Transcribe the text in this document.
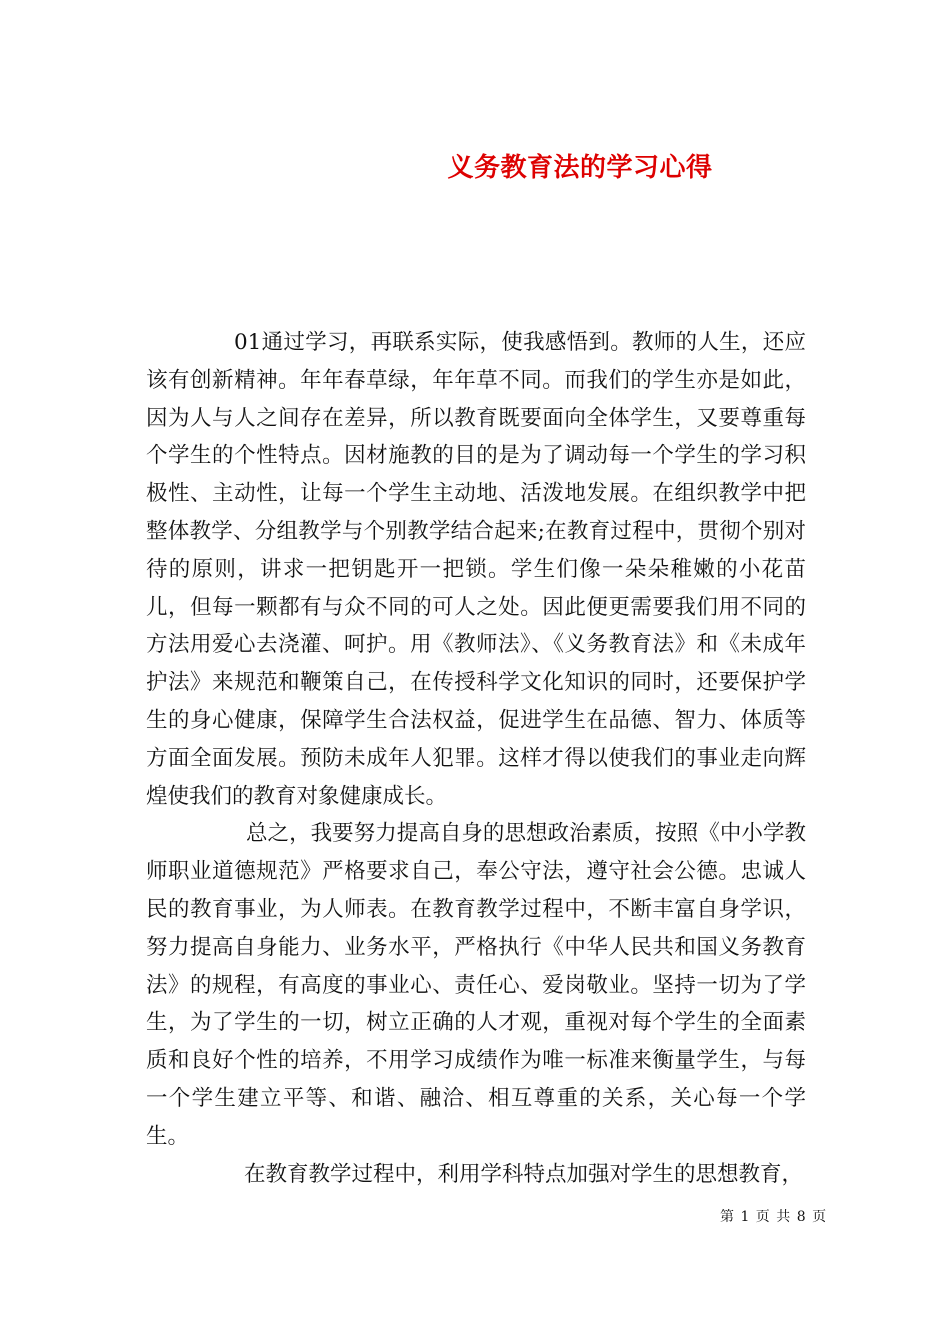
义务教育法的学习心得

01通过学习，再联系实际，使我感悟到。教师的人生，还应该有创新精神。年年春草绿，年年草不同。而我们的学生亦是如此，因为人与人之间存在差异，所以教育既要面向全体学生，又要尊重每个学生的个性特点。因材施教的目的是为了调动每一个学生的学习积极性、主动性，让每一个学生主动地、活泼地发展。在组织教学中把整体教学、分组教学与个别教学结合起来;在教育过程中，贯彻个别对待的原则，讲求一把钥匙开一把锁。学生们像一朵朵稚嫩的小花苗儿，但每一颗都有与众不同的可人之处。因此便更需要我们用不同的方法用爱心去浇灌、呵护。用《教师法》、《义务教育法》和《未成年护法》来规范和鞭策自己，在传授科学文化知识的同时，还要保护学生的身心健康，保障学生合法权益，促进学生在品德、智力、体质等方面全面发展。预防未成年人犯罪。这样才得以使我们的事业走向辉煌使我们的教育对象健康成长。

总之，我要努力提高自身的思想政治素质，按照《中小学教师职业道德规范》严格要求自己，奉公守法，遵守社会公德。忠诚人民的教育事业，为人师表。在教育教学过程中，不断丰富自身学识，努力提高自身能力、业务水平，严格执行《中华人民共和国义务教育法》的规程，有高度的事业心、责任心、爱岗敬业。坚持一切为了学生，为了学生的一切，树立正确的人才观，重视对每个学生的全面素质和良好个性的培养，不用学习成绩作为唯一标准来衡量学生，与每一个学生建立平等、和谐、融洽、相互尊重的关系，关心每一个学生。

在教育教学过程中，利用学科特点加强对学生的思想教育，

第 1 页 共 8 页
